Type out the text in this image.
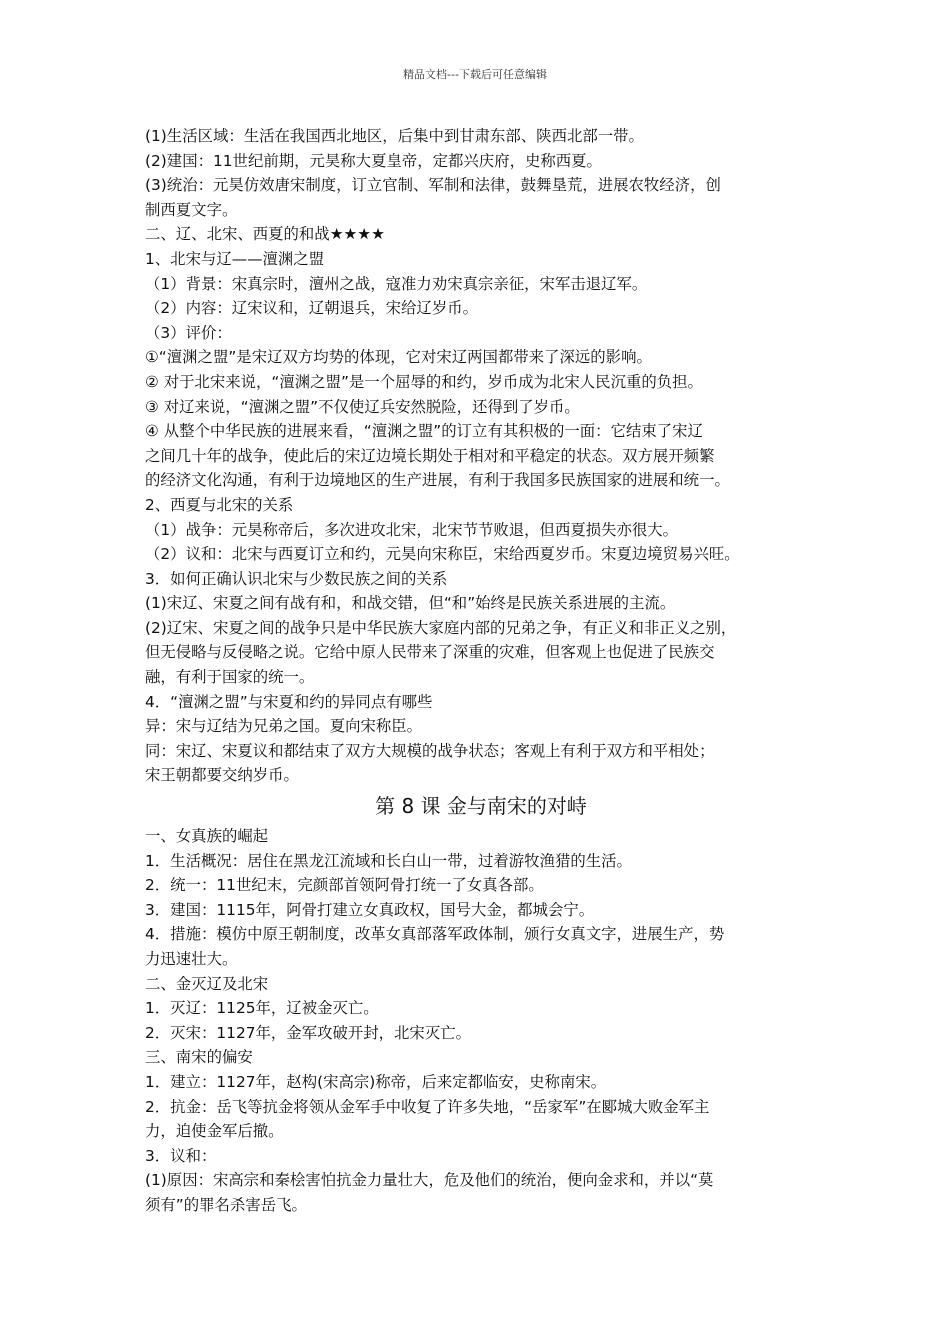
精品文档---下载后可任意编辑
(1)生活区域：生活在我国西北地区，后集中到甘肃东部、陕西北部一带。
(2)建国：11世纪前期，元昊称大夏皇帝，定都兴庆府，史称西夏。
(3)统治：元昊仿效唐宋制度，订立官制、军制和法律，鼓舞垦荒，进展农牧经济，创
制西夏文字。
二、辽、北宋、西夏的和战★★★★
1、北宋与辽——澶渊之盟
（1）背景：宋真宗时，澶州之战，寇准力劝宋真宗亲征，宋军击退辽军。
（2）内容：辽宋议和，辽朝退兵，宋给辽岁币。
（3）评价：
①“澶渊之盟”是宋辽双方均势的体现，它对宋辽两国都带来了深远的影响。
② 对于北宋来说，“澶渊之盟”是一个屈辱的和约，岁币成为北宋人民沉重的负担。
③ 对辽来说，“澶渊之盟”不仅使辽兵安然脱险，还得到了岁币。
④ 从整个中华民族的进展来看，“澶渊之盟”的订立有其积极的一面：它结束了宋辽
之间几十年的战争，使此后的宋辽边境长期处于相对和平稳定的状态。双方展开频繁
的经济文化沟通，有利于边境地区的生产进展，有利于我国多民族国家的进展和统一。
2、西夏与北宋的关系
（1）战争：元昊称帝后，多次进攻北宋，北宋节节败退，但西夏损失亦很大。
（2）议和：北宋与西夏订立和约，元昊向宋称臣，宋给西夏岁币。宋夏边境贸易兴旺。
3．如何正确认识北宋与少数民族之间的关系
(1)宋辽、宋夏之间有战有和，和战交错，但“和”始终是民族关系进展的主流。
(2)辽宋、宋夏之间的战争只是中华民族大家庭内部的兄弟之争，有正义和非正义之别，
但无侵略与反侵略之说。它给中原人民带来了深重的灾难，但客观上也促进了民族交
融，有利于国家的统一。
4．“澶渊之盟”与宋夏和约的异同点有哪些
异：宋与辽结为兄弟之国。夏向宋称臣。
同：宋辽、宋夏议和都结束了双方大规模的战争状态；客观上有利于双方和平相处；
宋王朝都要交纳岁币。
第 8 课 金与南宋的对峙
一、女真族的崛起
1．生活概况：居住在黑龙江流域和长白山一带，过着游牧渔猎的生活。
2．统一：11世纪末，完颜部首领阿骨打统一了女真各部。
3．建国：1115年，阿骨打建立女真政权，国号大金，都城会宁。
4．措施：模仿中原王朝制度，改革女真部落军政体制，颁行女真文字，进展生产，势
力迅速壮大。
二、金灭辽及北宋
1．灭辽：1125年，辽被金灭亡。
2．灭宋：1127年，金军攻破开封，北宋灭亡。
三、南宋的偏安
1．建立：1127年，赵构(宋高宗)称帝，后来定都临安，史称南宋。
2．抗金：岳飞等抗金将领从金军手中收复了许多失地，“岳家军”在郾城大败金军主
力，迫使金军后撤。
3．议和：
(1)原因：宋高宗和秦桧害怕抗金力量壮大，危及他们的统治，便向金求和，并以“莫
须有”的罪名杀害岳飞。
